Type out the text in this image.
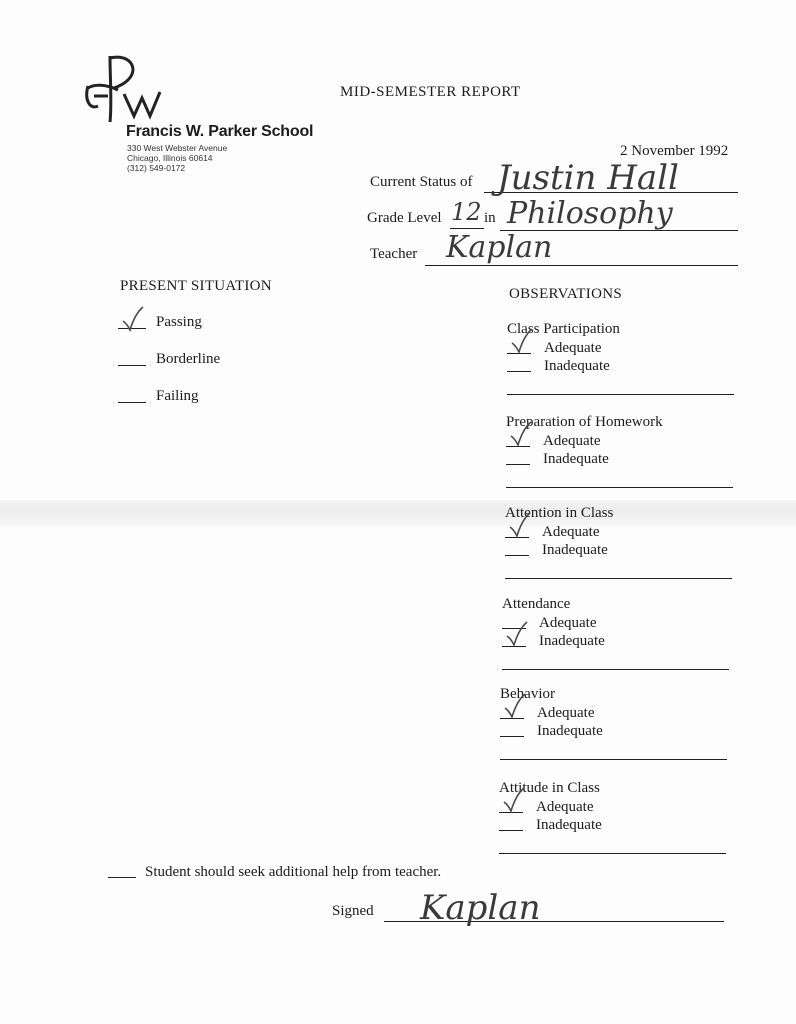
Francis W. Parker School
330 West Webster Avenue
Chicago, Illinois 60614
(312) 549-0172
MID-SEMESTER REPORT
2 November 1992
Current Status of Justin Hall
Grade Level 12 in Philosophy
Teacher Kaplan
PRESENT SITUATION
Passing
Borderline
Failing
OBSERVATIONS
Class Participation
Adequate
Inadequate
Preparation of Homework
Adequate
Inadequate
Attention in Class
Adequate
Inadequate
Attendance
Adequate
Inadequate
Behavior
Adequate
Inadequate
Attitude in Class
Adequate
Inadequate
Student should seek additional help from teacher.
Signed Kaplan
